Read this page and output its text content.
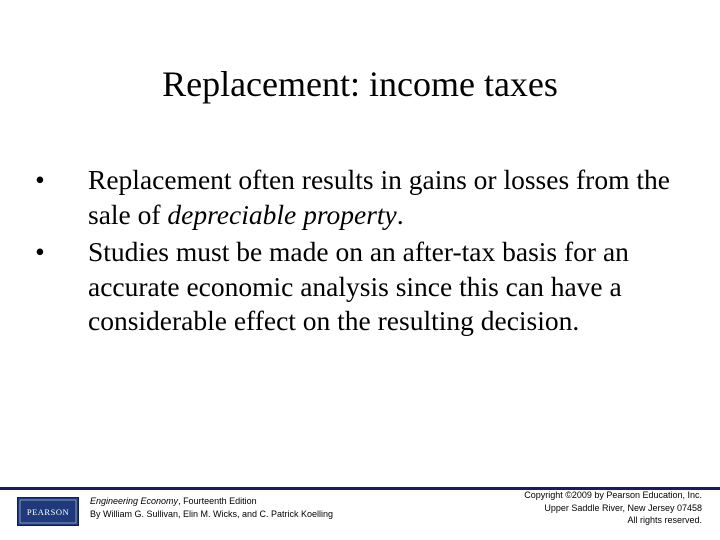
Replacement: income taxes
• Replacement often results in gains or losses from the sale of depreciable property.
• Studies must be made on an after-tax basis for an accurate economic analysis since this can have a considerable effect on the resulting decision.
PEARSON
Engineering Economy, Fourteenth Edition
By William G. Sullivan, Elin M. Wicks, and C. Patrick Koelling
Copyright ©2009 by Pearson Education, Inc.
Upper Saddle River, New Jersey 07458
All rights reserved.
